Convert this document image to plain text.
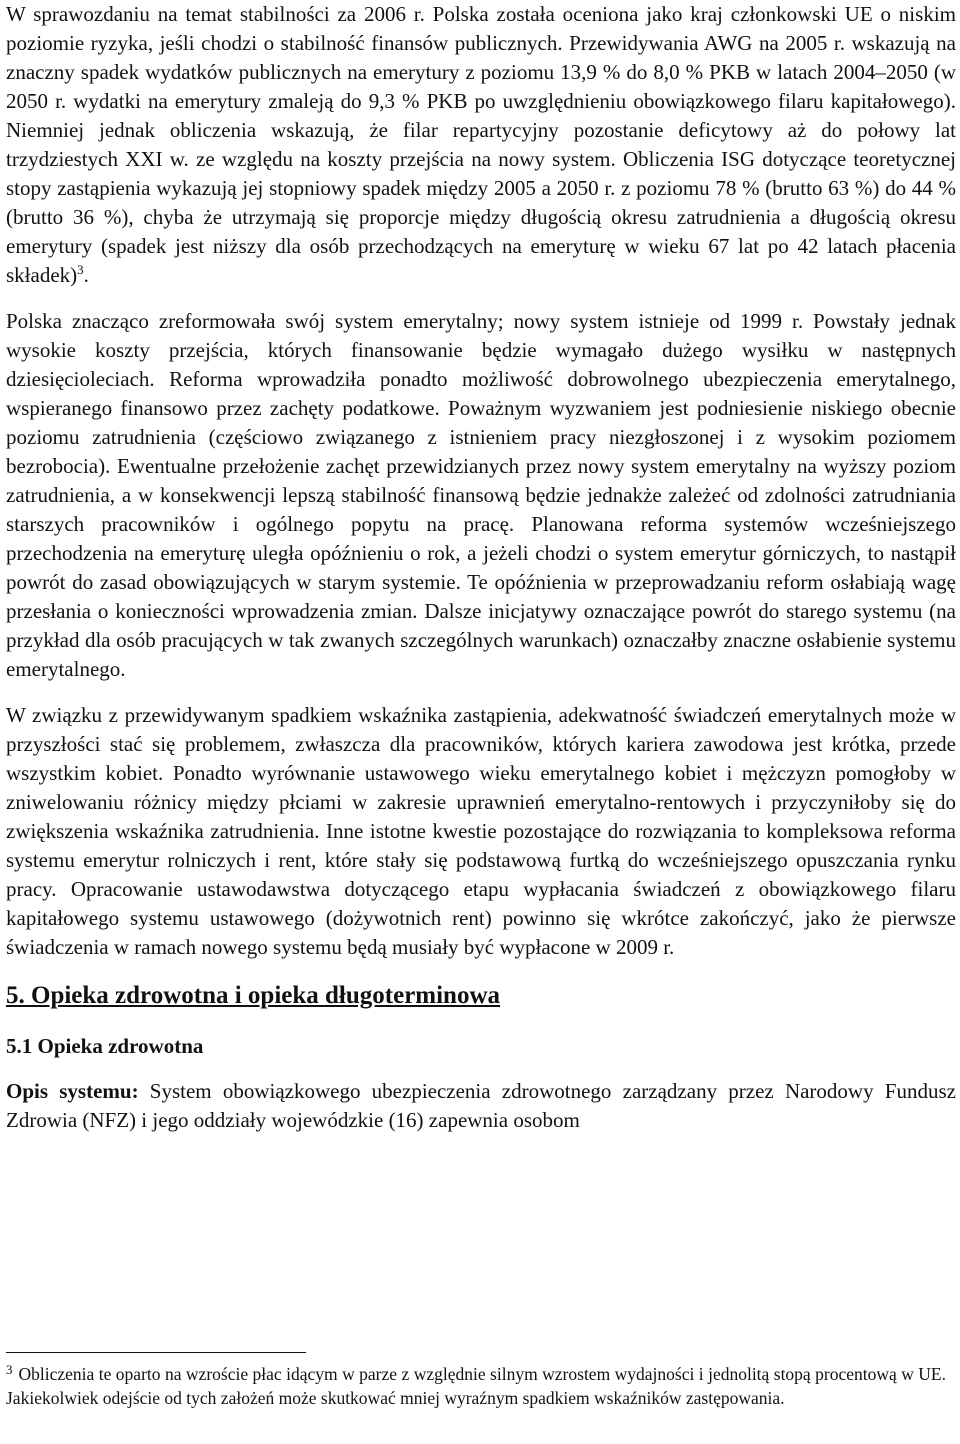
W sprawozdaniu na temat stabilności za 2006 r. Polska została oceniona jako kraj członkowski UE o niskim poziomie ryzyka, jeśli chodzi o stabilność finansów publicznych. Przewidywania AWG na 2005 r. wskazują na znaczny spadek wydatków publicznych na emerytury z poziomu 13,9 % do 8,0 % PKB w latach 2004–2050 (w 2050 r. wydatki na emerytury zmaleją do 9,3 % PKB po uwzględnieniu obowiązkowego filaru kapitałowego). Niemniej jednak obliczenia wskazują, że filar repartycyjny pozostanie deficytowy aż do połowy lat trzydziestych XXI w. ze względu na koszty przejścia na nowy system. Obliczenia ISG dotyczące teoretycznej stopy zastąpienia wykazują jej stopniowy spadek między 2005 a 2050 r. z poziomu 78 % (brutto 63 %) do 44 % (brutto 36 %), chyba że utrzymają się proporcje między długością okresu zatrudnienia a długością okresu emerytury (spadek jest niższy dla osób przechodzących na emeryturę w wieku 67 lat po 42 latach płacenia składek)$^3$.

Polska znacząco zreformowała swój system emerytalny; nowy system istnieje od 1999 r. Powstały jednak wysokie koszty przejścia, których finansowanie będzie wymagało dużego wysiłku w następnych dziesięcioleciach. Reforma wprowadziła ponadto możliwość dobrowolnego ubezpieczenia emerytalnego, wspieranego finansowo przez zachęty podatkowe. Poważnym wyzwaniem jest podniesienie niskiego obecnie poziomu zatrudnienia (częściowo związanego z istnieniem pracy niezgłoszonej i z wysokim poziomem bezrobocia). Ewentualne przełożenie zachęt przewidzianych przez nowy system emerytalny na wyższy poziom zatrudnienia, a w konsekwencji lepszą stabilność finansową będzie jednakże zależeć od zdolności zatrudniania starszych pracowników i ogólnego popytu na pracę. Planowana reforma systemów wcześniejszego przechodzenia na emeryturę uległa opóźnieniu o rok, a jeżeli chodzi o system emerytur górniczych, to nastąpił powrót do zasad obowiązujących w starym systemie. Te opóźnienia w przeprowadzaniu reform osłabiają wagę przesłania o konieczności wprowadzenia zmian. Dalsze inicjatywy oznaczające powrót do starego systemu (na przykład dla osób pracujących w tak zwanych szczególnych warunkach) oznaczałby znaczne osłabienie systemu emerytalnego.

W związku z przewidywanym spadkiem wskaźnika zastąpienia, adekwatność świadczeń emerytalnych może w przyszłości stać się problemem, zwłaszcza dla pracowników, których kariera zawodowa jest krótka, przede wszystkim kobiet. Ponadto wyrównanie ustawowego wieku emerytalnego kobiet i mężczyzn pomogłoby w zniwelowaniu różnicy między płciami w zakresie uprawnień emerytalno-rentowych i przyczyniłoby się do zwiększenia wskaźnika zatrudnienia. Inne istotne kwestie pozostające do rozwiązania to kompleksowa reforma systemu emerytur rolniczych i rent, które stały się podstawową furtką do wcześniejszego opuszczania rynku pracy. Opracowanie ustawodawstwa dotyczącego etapu wypłacania świadczeń z obowiązkowego filaru kapitałowego systemu ustawowego (dożywotnich rent) powinno się wkrótce zakończyć, jako że pierwsze świadczenia w ramach nowego systemu będą musiały być wypłacone w 2009 r.

5. Opieka zdrowotna i opieka długoterminowa
5.1 Opieka zdrowotna

Opis systemu: System obowiązkowego ubezpieczenia zdrowotnego zarządzany przez Narodowy Fundusz Zdrowia (NFZ) i jego oddziały wojewódzkie (16) zapewnia osobom

$^3$ Obliczenia te oparto na wzroście płac idącym w parze z względnie silnym wzrostem wydajności i jednolitą stopą procentową w UE. Jakiekolwiek odejście od tych założeń może skutkować mniej wyraźnym spadkiem wskaźników zastępowania.
